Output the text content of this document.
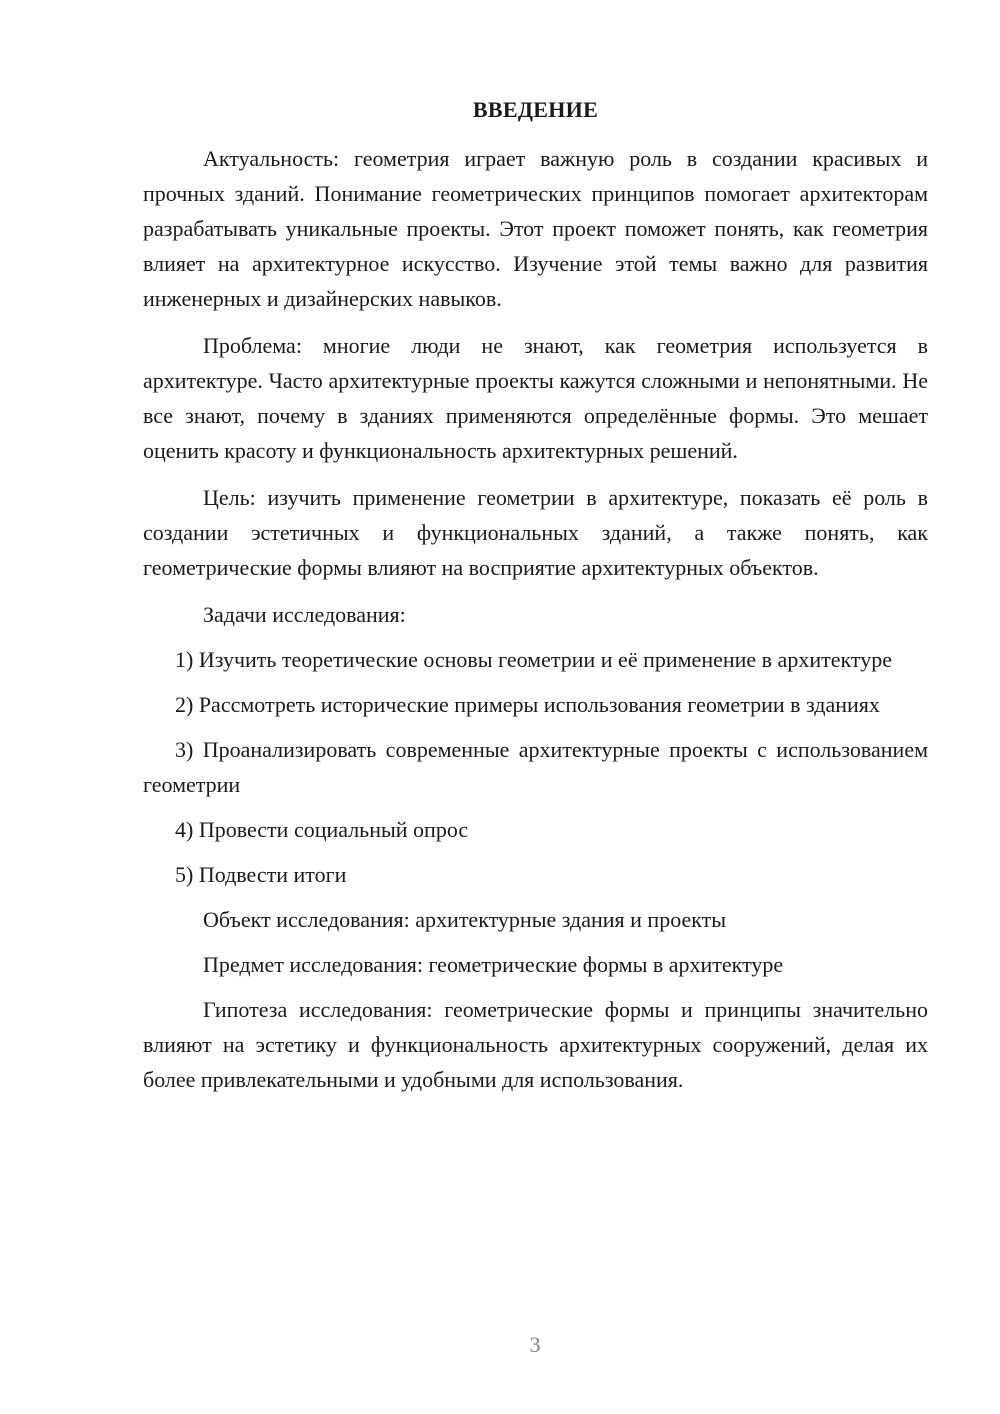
ВВЕДЕНИЕ

Актуальность: геометрия играет важную роль в создании красивых и прочных зданий. Понимание геометрических принципов помогает архитекторам разрабатывать уникальные проекты. Этот проект поможет понять, как геометрия влияет на архитектурное искусство. Изучение этой темы важно для развития инженерных и дизайнерских навыков.

Проблема: многие люди не знают, как геометрия используется в архитектуре. Часто архитектурные проекты кажутся сложными и непонятными. Не все знают, почему в зданиях применяются определённые формы. Это мешает оценить красоту и функциональность архитектурных решений.

Цель: изучить применение геометрии в архитектуре, показать её роль в создании эстетичных и функциональных зданий, а также понять, как геометрические формы влияют на восприятие архитектурных объектов.

Задачи исследования:

1) Изучить теоретические основы геометрии и её применение в архитектуре

2) Рассмотреть исторические примеры использования геометрии в зданиях

3) Проанализировать современные архитектурные проекты с использованием геометрии

4) Провести социальный опрос

5) Подвести итоги

Объект исследования: архитектурные здания и проекты

Предмет исследования: геометрические формы в архитектуре

Гипотеза исследования: геометрические формы и принципы значительно влияют на эстетику и функциональность архитектурных сооружений, делая их более привлекательными и удобными для использования.

3
